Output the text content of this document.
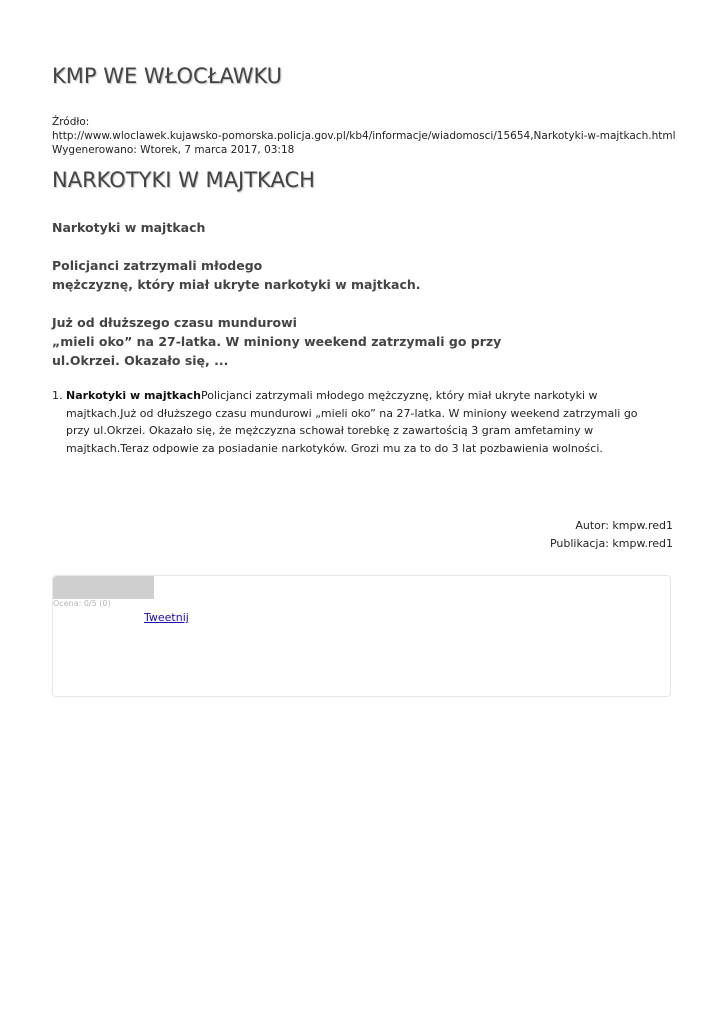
KMP WE WŁOCŁAWKU
Źródło:
http://www.wloclawek.kujawsko-pomorska.policja.gov.pl/kb4/informacje/wiadomosci/15654,Narkotyki-w-majtkach.html
Wygenerowano: Wtorek, 7 marca 2017, 03:18
NARKOTYKI W MAJTKACH

Narkotyki w majtkach

Policjanci zatrzymali młodego
mężczyznę, który miał ukryte narkotyki w majtkach.

Już od dłuższego czasu mundurowi
„mieli oko” na 27-latka. W miniony weekend zatrzymali go przy
ul.Okrzei. Okazało się, ...

1. Narkotyki w majtkachPolicjanci zatrzymali młodego mężczyznę, który miał ukryte narkotyki w majtkach.Już od dłuższego czasu mundurowi „mieli oko” na 27-latka. W miniony weekend zatrzymali go przy ul.Okrzei. Okazało się, że mężczyzna schował torebkę z zawartością 3 gram amfetaminy w majtkach.Teraz odpowie za posiadanie narkotyków. Grozi mu za to do 3 lat pozbawienia wolności.
Autor: kmpw.red1
Publikacja: kmpw.red1
Ocena: 0/5 (0)
Tweetnij
